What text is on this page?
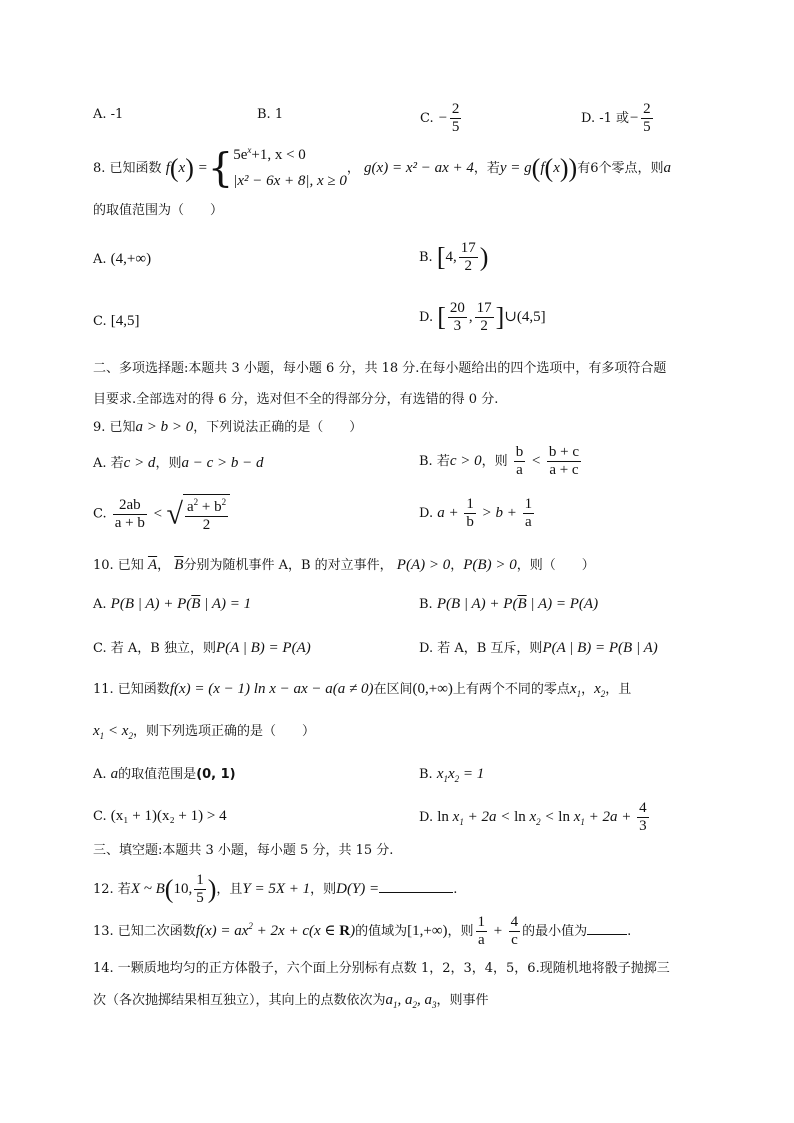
A. -1	B. 1	C. − $\frac{2}{5}$	D. -1 或− $\frac{2}{5}$
8. 已知函数 f(x) ={ $5e^x+1$, x < 0
|x² − 6x + 8|, x ≥ 0
， g(x) = x² − ax + 4，若y = g(f(x))有6个零点，则a
的取值范围为（　　）
A. (4,+∞)	B. [4, $\frac{17}{2}$ )
C. [4,5]	D. [ $\frac{20}{3}$ , $\frac{17}{2}$ ]∪(4,5]
二、多项选择题:本题共 3 小题，每小题 6 分，共 18 分.在每小题给出的四个选项中，有多项符合题
目要求.全部选对的得 6 分，选对但不全的得部分分，有选错的得 0 分.
9. 已知a > b > 0，下列说法正确的是（　　）
A. 若c > d，则a − c > b − d	B. 若c > 0，则 $\frac{b}{a} < \frac{b + c}{a + c}$
C. $\frac{2ab}{a + b}$ < √ $\frac{a^2 + b^2}{2}$	D. $a + \frac{1}{b} > b + \frac{1}{a}$
10. 已知 $\overline{A}$， $\overline{B}$分别为随机事件 A，B 的对立事件， P(A) > 0，P(B) > 0，则（　　）
A. P(B | $A) + P(\overline{B}$ | A) = 1	B. P(B | $A) + P(\overline{B}$ | A) = P(A)
C. 若 A，B 独立，则P(A | B) = P(A)	D. 若 A，B 互斥，则P(A | B) = P(B | A)
11. 已知函数f(x) = (x − 1) ln x − ax − a(a ≠ 0)在区间(0,+∞)上有两个不同的零点$x_1$，$x_2$，且
$x_1 < x_2$，则下列选项正确的是（　　）
A. a的取值范围是(0, 1)	B. $x_1x_2 = 1$
C. (x₁ + 1)(x₂ + 1) > 4	D. $\ln x_1 + 2a < \ln x_2 < \ln x_1 + 2a + \frac{4}{3}$
三、填空题:本题共 3 小题，每小题 5 分，共 15 分.
12. 若X ~ B(10, $\frac{1}{5}$ )，且Y = 5X + 1，则D(Y) =	.
13. 已知二次函数$f(x) = ax^2 + 2x + c(x$ ∈ R)的值域为[1,+∞)，则 $\frac{1}{a} + \frac{4}{c}$ 的最小值为	.
14. 一颗质地均匀的正方体骰子，六个面上分别标有点数 1，2，3，4，5，6.现随机地将骰子抛掷三
次（各次抛掷结果相互独立），其向上的点数依次为$a_1$, $a_2$, $a_3$，则事件
